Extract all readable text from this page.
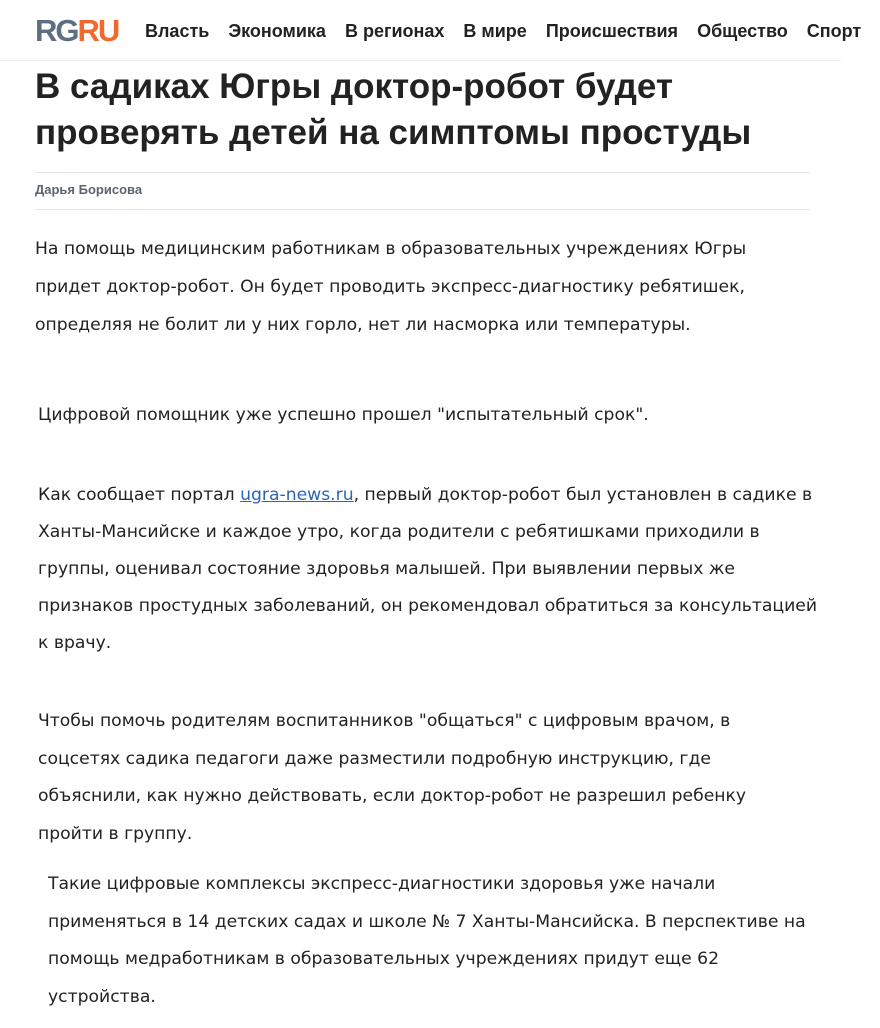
RGRU Власть Экономика В регионах В мире Происшествия Общество Спорт
В садиках Югры доктор-робот будет проверять детей на симптомы простуды
Дарья Борисова

На помощь медицинским работникам в образовательных учреждениях Югры придет доктор-робот. Он будет проводить экспресс-диагностику ребятишек, определяя не болит ли у них горло, нет ли насморка или температуры.

Цифровой помощник уже успешно прошел "испытательный срок".

Как сообщает портал ugra-news.ru, первый доктор-робот был установлен в садике в Ханты-Мансийске и каждое утро, когда родители с ребятишками приходили в группы, оценивал состояние здоровья малышей. При выявлении первых же признаков простудных заболеваний, он рекомендовал обратиться за консультацией к врачу.

Чтобы помочь родителям воспитанников "общаться" с цифровым врачом, в соцсетях садика педагоги даже разместили подробную инструкцию, где объяснили, как нужно действовать, если доктор-робот не разрешил ребенку пройти в группу.

Такие цифровые комплексы экспресс-диагностики здоровья уже начали применяться в 14 детских садах и школе № 7 Ханты-Мансийска. В перспективе на помощь медработникам в образовательных учреждениях придут еще 62 устройства.
